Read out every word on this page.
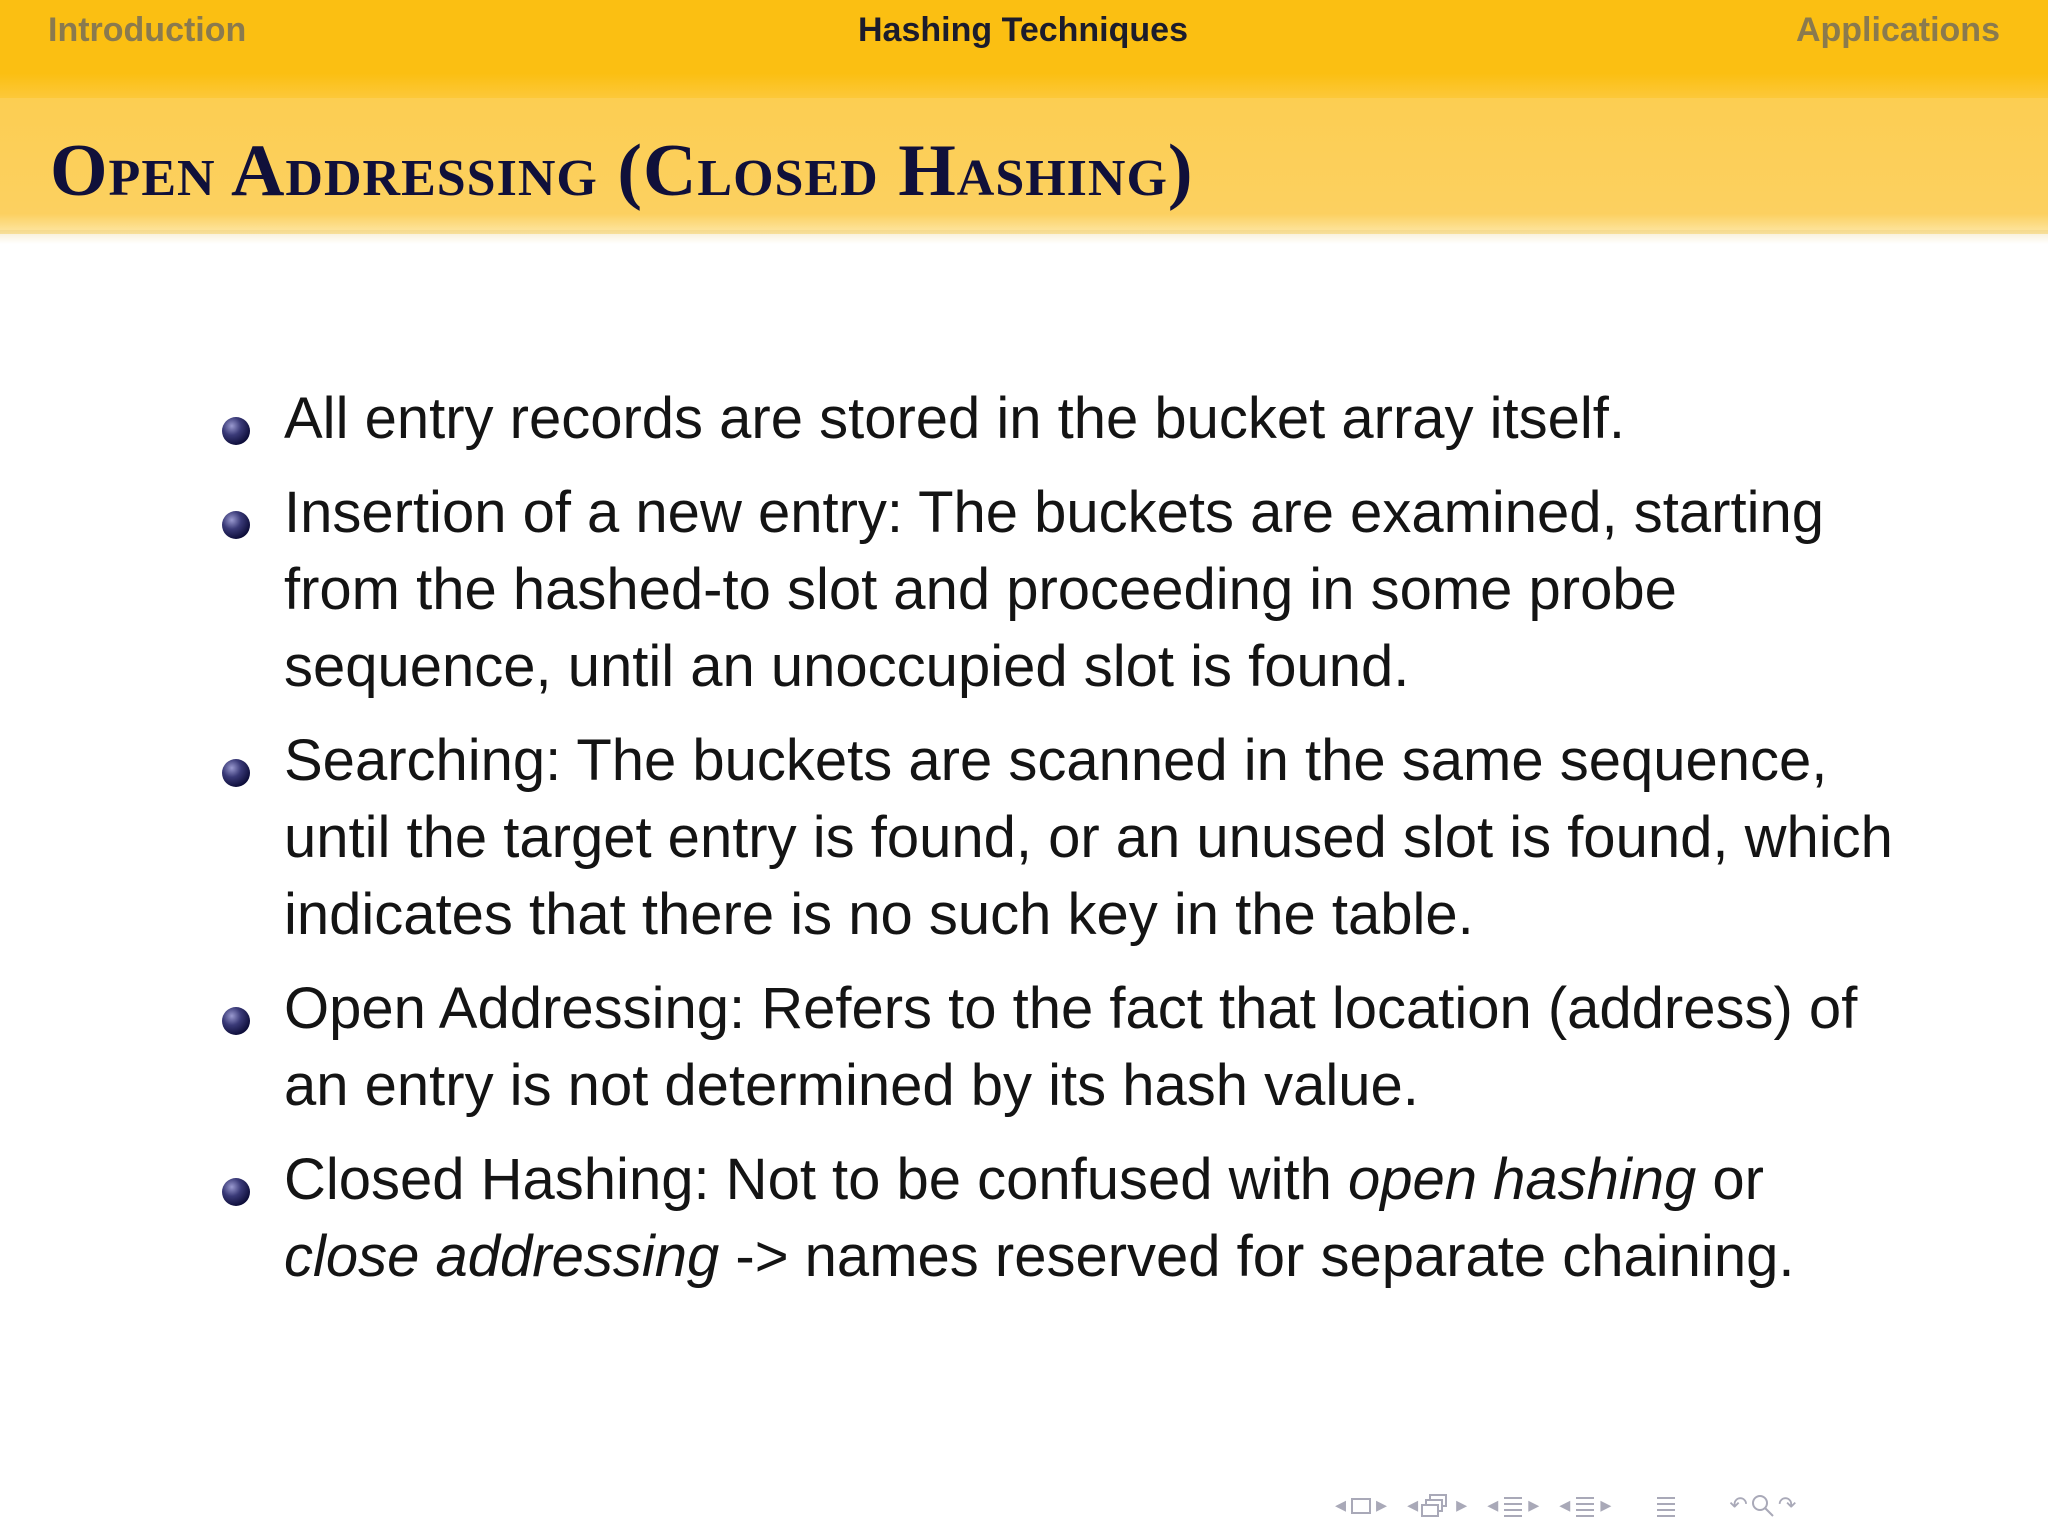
Introduction	Hashing Techniques	Applications
Open Addressing (Closed Hashing)
All entry records are stored in the bucket array itself.
Insertion of a new entry: The buckets are examined, starting from the hashed-to slot and proceeding in some probe sequence, until an unoccupied slot is found.
Searching: The buckets are scanned in the same sequence, until the target entry is found, or an unused slot is found, which indicates that there is no such key in the table.
Open Addressing: Refers to the fact that location (address) of an entry is not determined by its hash value.
Closed Hashing: Not to be confused with open hashing or close addressing -> names reserved for separate chaining.
◂ ▸ ◂ ▸ ◂ ▸ ◂ ▸	↶ ↷
